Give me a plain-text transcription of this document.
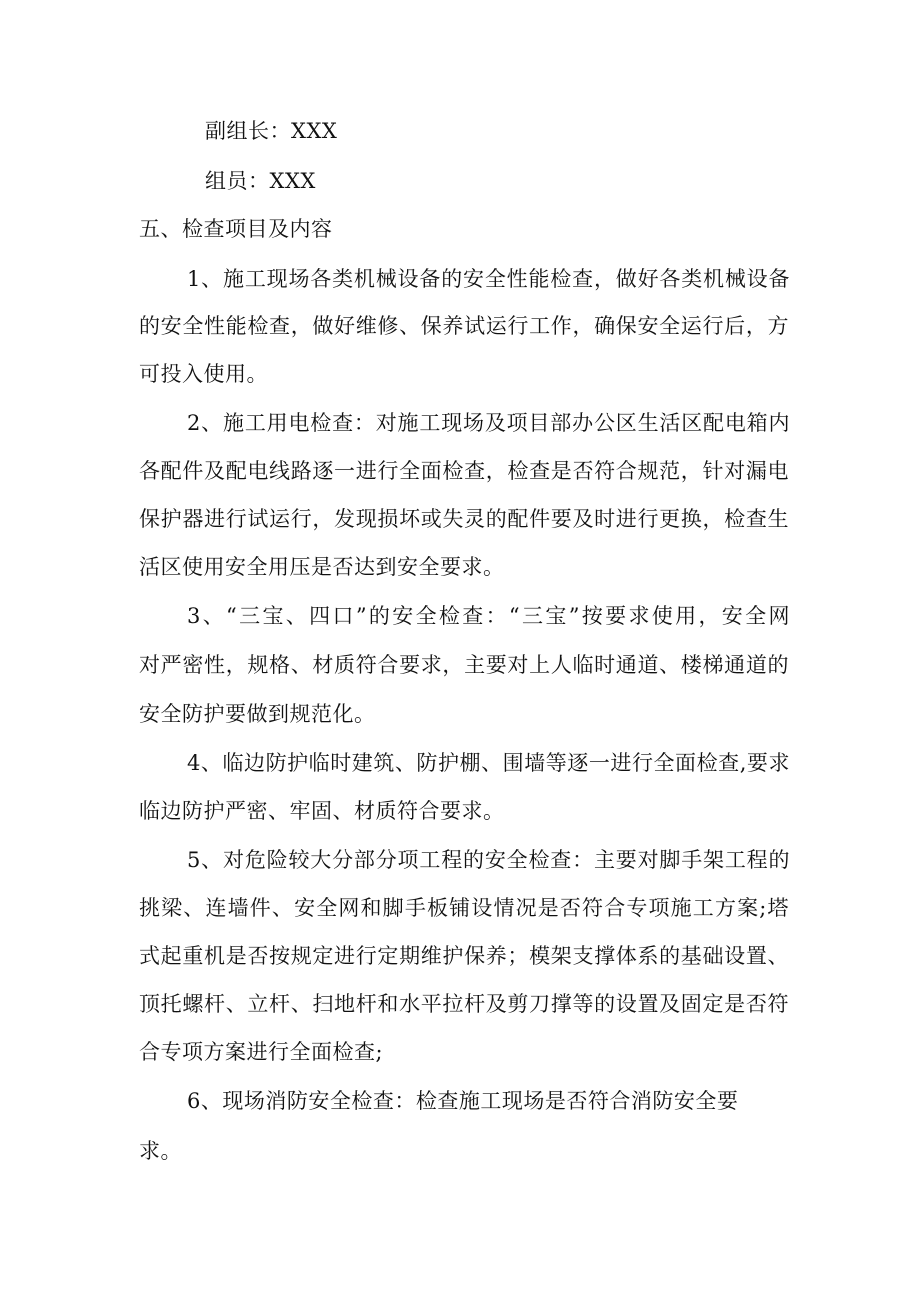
副组长：XXX
组员：XXX
五、检查项目及内容
1、施工现场各类机械设备的安全性能检查，做好各类机械设备
的安全性能检查，做好维修、保养试运行工作，确保安全运行后，方
可投入使用。
2、施工用电检查：对施工现场及项目部办公区生活区配电箱内
各配件及配电线路逐一进行全面检查，检查是否符合规范，针对漏电
保护器进行试运行，发现损坏或失灵的配件要及时进行更换，检查生
活区使用安全用压是否达到安全要求。
3、“三宝、四口”的安全检查：“三宝”按要求使用，安全网
对严密性，规格、材质符合要求，主要对上人临时通道、楼梯通道的
安全防护要做到规范化。
4、临边防护临时建筑、防护棚、围墙等逐一进行全面检查,要求
临边防护严密、牢固、材质符合要求。
5、对危险较大分部分项工程的安全检查：主要对脚手架工程的
挑梁、连墙件、安全网和脚手板铺设情况是否符合专项施工方案;塔
式起重机是否按规定进行定期维护保养；模架支撑体系的基础设置、
顶托螺杆、立杆、扫地杆和水平拉杆及剪刀撑等的设置及固定是否符
合专项方案进行全面检查;
6、现场消防安全检查：检查施工现场是否符合消防安全要
求。
